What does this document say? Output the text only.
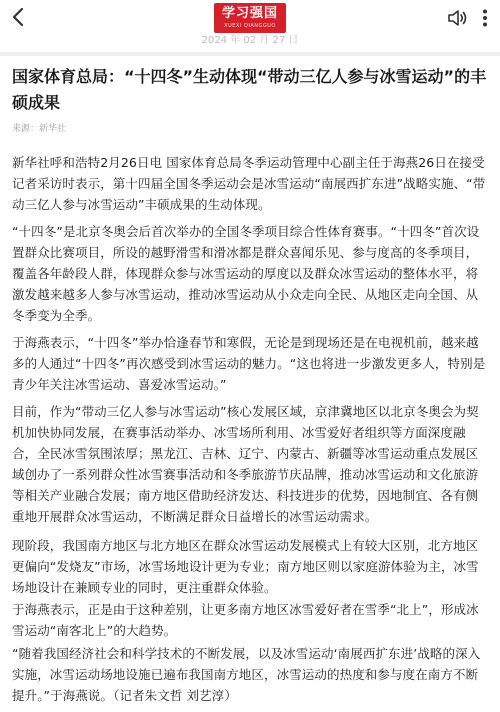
学习强国
XUEXI QIANGGUO
2024 年 02 月 27 日
国家体育总局：“十四冬”生动体现“带动三亿人参与冰雪运动”的丰硕成果
来源：新华社

新华社呼和浩特2月26日电 国家体育总局冬季运动管理中心副主任于海燕26日在接受记者采访时表示，第十四届全国冬季运动会是冰雪运动“南展西扩东进”战略实施、“带动三亿人参与冰雪运动”丰硕成果的生动体现。

“十四冬”是北京冬奥会后首次举办的全国冬季项目综合性体育赛事。“十四冬”首次设置群众比赛项目，所设的越野滑雪和滑冰都是群众喜闻乐见、参与度高的冬季项目，覆盖各年龄段人群，体现群众参与冰雪运动的厚度以及群众冰雪运动的整体水平，将激发越来越多人参与冰雪运动，推动冰雪运动从小众走向全民、从地区走向全国、从冬季变为全季。

于海燕表示，“十四冬”举办恰逢春节和寒假，无论是到现场还是在电视机前，越来越多的人通过“十四冬”再次感受到冰雪运动的魅力。“这也将进一步激发更多人，特别是青少年关注冰雪运动、喜爱冰雪运动。”

目前，作为“带动三亿人参与冰雪运动”核心发展区域，京津冀地区以北京冬奥会为契机加快协同发展，在赛事活动举办、冰雪场所利用、冰雪爱好者组织等方面深度融合，全民冰雪氛围浓厚；黑龙江、吉林、辽宁、内蒙古、新疆等冰雪运动重点发展区域创办了一系列群众性冰雪赛事活动和冬季旅游节庆品牌，推动冰雪运动和文化旅游等相关产业融合发展；南方地区借助经济发达、科技进步的优势，因地制宜、各有侧重地开展群众冰雪运动，不断满足群众日益增长的冰雪运动需求。

现阶段，我国南方地区与北方地区在群众冰雪运动发展模式上有较大区别，北方地区更偏向“发烧友”市场，冰雪场地设计更为专业；南方地区则以家庭游体验为主，冰雪场地设计在兼顾专业的同时，更注重群众体验。

于海燕表示，正是由于这种差别，让更多南方地区冰雪爱好者在雪季“北上”，形成冰雪运动“南客北上”的大趋势。

“随着我国经济社会和科学技术的不断发展，以及冰雪运动‘南展西扩东进’战略的深入实施，冰雪运动场地设施已遍布我国南方地区，冰雪运动的热度和参与度在南方不断提升。”于海燕说。（记者朱文哲 刘艺淳）
